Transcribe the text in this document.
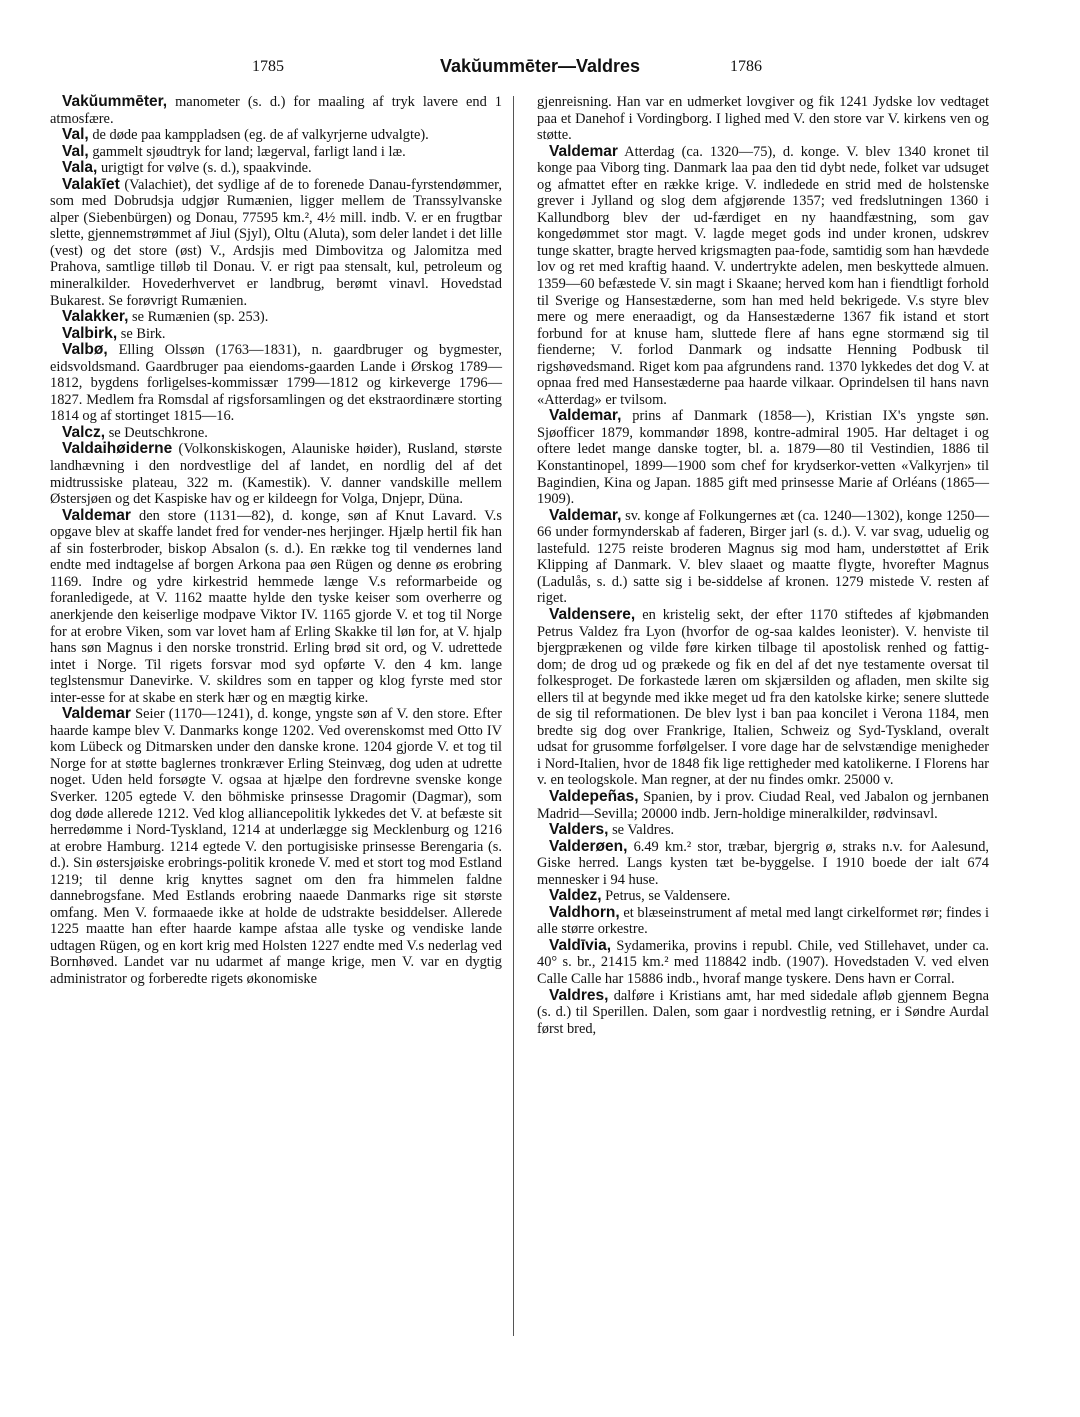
1785	Vakŭummēter—Valdres	1786

Vakŭummēter, manometer (s. d.) for maaling af tryk lavere end 1 atmosfære.

Val, de døde paa kamppladsen (eg. de af valkyrjerne udvalgte).

Val, gammelt sjøudtryk for land; lægerval, farligt land i læ.

Vala, urigtigt for vølve (s. d.), spaakvinde.

Valakīet (Valachiet), det sydlige af de to forenede Danau-fyrstendømmer, som med Dobrudsja udgjør Rumænien, ligger mellem de Transsylvanske alper (Siebenbürgen) og Donau, 77595 km.², 4½ mill. indb. V. er en frugtbar slette, gjennemstrømmet af Jiul (Sjyl), Oltu (Aluta), som deler landet i det lille (vest) og det store (øst) V., Ardsjis med Dimbovitza og Jalomitza med Prahova, samtlige tilløb til Donau. V. er rigt paa stensalt, kul, petroleum og mineralkilder. Hovederhvervet er landbrug, berømt vinavl. Hovedstad Bukarest. Se forøvrigt Rumænien.

Valakker, se Rumænien (sp. 253).

Valbirk, se Birk.

Valbø, Elling Olssøn (1763—1831), n. gaardbruger og bygmester, eidsvoldsmand. Gaardbruger paa eiendoms-gaarden Lande i Ørskog 1789—1812, bygdens forligelses-kommissær 1799—1812 og kirkeverge 1796—1827. Medlem fra Romsdal af rigsforsamlingen og det ekstraordinære storting 1814 og af stortinget 1815—16.

Valcz, se Deutschkrone.

Valdaihøiderne (Volkonskiskogen, Alauniske høider), Rusland, største landhævning i den nordvestlige del af landet, en nordlig del af det midtrussiske plateau, 322 m. (Kamestik). V. danner vandskille mellem Østersjøen og det Kaspiske hav og er kildeegn for Volga, Dnjepr, Düna.

Valdemar den store (1131—82), d. konge, søn af Knut Lavard. V.s opgave blev at skaffe landet fred for vender-nes herjinger. Hjælp hertil fik han af sin fosterbroder, biskop Absalon (s. d.). En række tog til vendernes land endte med indtagelse af borgen Arkona paa øen Rügen og denne øs erobring 1169. Indre og ydre kirkestrid hemmede længe V.s reformarbeide og foranledigede, at V. 1162 maatte hylde den tyske keiser som overherre og anerkjende den keiserlige modpave Viktor IV. 1165 gjorde V. et tog til Norge for at erobre Viken, som var lovet ham af Erling Skakke til løn for, at V. hjalp hans søn Magnus i den norske tronstrid. Erling brød sit ord, og V. udrettede intet i Norge. Til rigets forsvar mod syd opførte V. den 4 km. lange teglstensmur Danevirke. V. skildres som en tapper og klog fyrste med stor inter-esse for at skabe en sterk hær og en mægtig kirke.

Valdemar Seier (1170—1241), d. konge, yngste søn af V. den store. Efter haarde kampe blev V. Danmarks konge 1202. Ved overenskomst med Otto IV kom Lübeck og Ditmarsken under den danske krone. 1204 gjorde V. et tog til Norge for at støtte baglernes tronkræver Erling Steinvæg, dog uden at udrette noget. Uden held forsøgte V. ogsaa at hjælpe den fordrevne svenske konge Sverker. 1205 egtede V. den böhmiske prinsesse Dragomir (Dagmar), som dog døde allerede 1212. Ved klog alliancepolitik lykkedes det V. at befæste sit herredømme i Nord-Tyskland, 1214 at underlægge sig Mecklenburg og 1216 at erobre Hamburg. 1214 egtede V. den portugisiske prinsesse Berengaria (s. d.). Sin østersjøiske erobrings-politik kronede V. med et stort tog mod Estland 1219; til denne krig knyttes sagnet om den fra himmelen faldne dannebrogsfane. Med Estlands erobring naaede Danmarks rige sit største omfang. Men V. formaaede ikke at holde de udstrakte besiddelser. Allerede 1225 maatte han efter haarde kampe afstaa alle tyske og vendiske lande udtagen Rügen, og en kort krig med Holsten 1227 endte med V.s nederlag ved Bornhøved. Landet var nu udarmet af mange krige, men V. var en dygtig administrator og forberedte rigets økonomiske

gjenreisning. Han var en udmerket lovgiver og fik 1241 Jydske lov vedtaget paa et Danehof i Vordingborg. I lighed med V. den store var V. kirkens ven og støtte.

Valdemar Atterdag (ca. 1320—75), d. konge. V. blev 1340 kronet til konge paa Viborg ting. Danmark laa paa den tid dybt nede, folket var udsuget og afmattet efter en række krige. V. indledede en strid med de holstenske grever i Jylland og slog dem afgjørende 1357; ved fredslutningen 1360 i Kallundborg blev der ud-færdiget en ny haandfæstning, som gav kongedømmet stor magt. V. lagde meget gods ind under kronen, udskrev tunge skatter, bragte herved krigsmagten paa-fode, samtidig som han hævdede lov og ret med kraftig haand. V. undertrykte adelen, men beskyttede almuen. 1359—60 befæstede V. sin magt i Skaane; herved kom han i fiendtligt forhold til Sverige og Hansestæderne, som han med held bekrigede. V.s styre blev mere og mere eneraadigt, og da Hansestæderne 1367 fik istand et stort forbund for at knuse ham, sluttede flere af hans egne stormænd sig til fienderne; V. forlod Danmark og indsatte Henning Podbusk til rigshøvedsmand. Riget kom paa afgrundens rand. 1370 lykkedes det dog V. at opnaa fred med Hansestæderne paa haarde vilkaar. Oprindelsen til hans navn «Atterdag» er tvilsom.

Valdemar, prins af Danmark (1858—), Kristian IX's yngste søn. Sjøofficer 1879, kommandør 1898, kontre-admiral 1905. Har deltaget i og oftere ledet mange danske togter, bl. a. 1879—80 til Vestindien, 1886 til Konstantinopel, 1899—1900 som chef for krydserkor-vetten «Valkyrjen» til Bagindien, Kina og Japan. 1885 gift med prinsesse Marie af Orléans (1865—1909).

Valdemar, sv. konge af Folkungernes æt (ca. 1240—1302), konge 1250—66 under formynderskab af faderen, Birger jarl (s. d.). V. var svag, uduelig og lastefuld. 1275 reiste broderen Magnus sig mod ham, understøttet af Erik Klipping af Danmark. V. blev slaaet og maatte flygte, hvorefter Magnus (Ladulås, s. d.) satte sig i be-siddelse af kronen. 1279 mistede V. resten af riget.

Valdensere, en kristelig sekt, der efter 1170 stiftedes af kjøbmanden Petrus Valdez fra Lyon (hvorfor de og-saa kaldes leonister). V. henviste til bjergprækenen og vilde føre kirken tilbage til apostolisk renhed og fattig-dom; de drog ud og prækede og fik en del af det nye testamente oversat til folkesproget. De forkastede læren om skjærsilden og afladen, men skilte sig ellers til at begynde med ikke meget ud fra den katolske kirke; senere sluttede de sig til reformationen. De blev lyst i ban paa koncilet i Verona 1184, men bredte sig dog over Frankrige, Italien, Schweiz og Syd-Tyskland, overalt udsat for grusomme forfølgelser. I vore dage har de selvstændige menigheder i Nord-Italien, hvor de 1848 fik lige rettigheder med katolikerne. I Florens har v. en teologskole. Man regner, at der nu findes omkr. 25000 v.

Valdepeñas, Spanien, by i prov. Ciudad Real, ved Jabalon og jernbanen Madrid—Sevilla; 20000 indb. Jern-holdige mineralkilder, rødvinsavl.

Valders, se Valdres.

Valderøen, 6.49 km.² stor, træbar, bjergrig ø, straks n.v. for Aalesund, Giske herred. Langs kysten tæt be-byggelse. I 1910 boede der ialt 674 mennesker i 94 huse.

Valdez, Petrus, se Valdensere.

Valdhorn, et blæseinstrument af metal med langt cirkelformet rør; findes i alle større orkestre.

Valdīvia, Sydamerika, provins i republ. Chile, ved Stillehavet, under ca. 40° s. br., 21415 km.² med 118842 indb. (1907). Hovedstaden V. ved elven Calle Calle har 15886 indb., hvoraf mange tyskere. Dens havn er Corral.

Valdres, dalføre i Kristians amt, har med sidedale afløb gjennem Begna (s. d.) til Sperillen. Dalen, som gaar i nordvestlig retning, er i Søndre Aurdal først bred,
